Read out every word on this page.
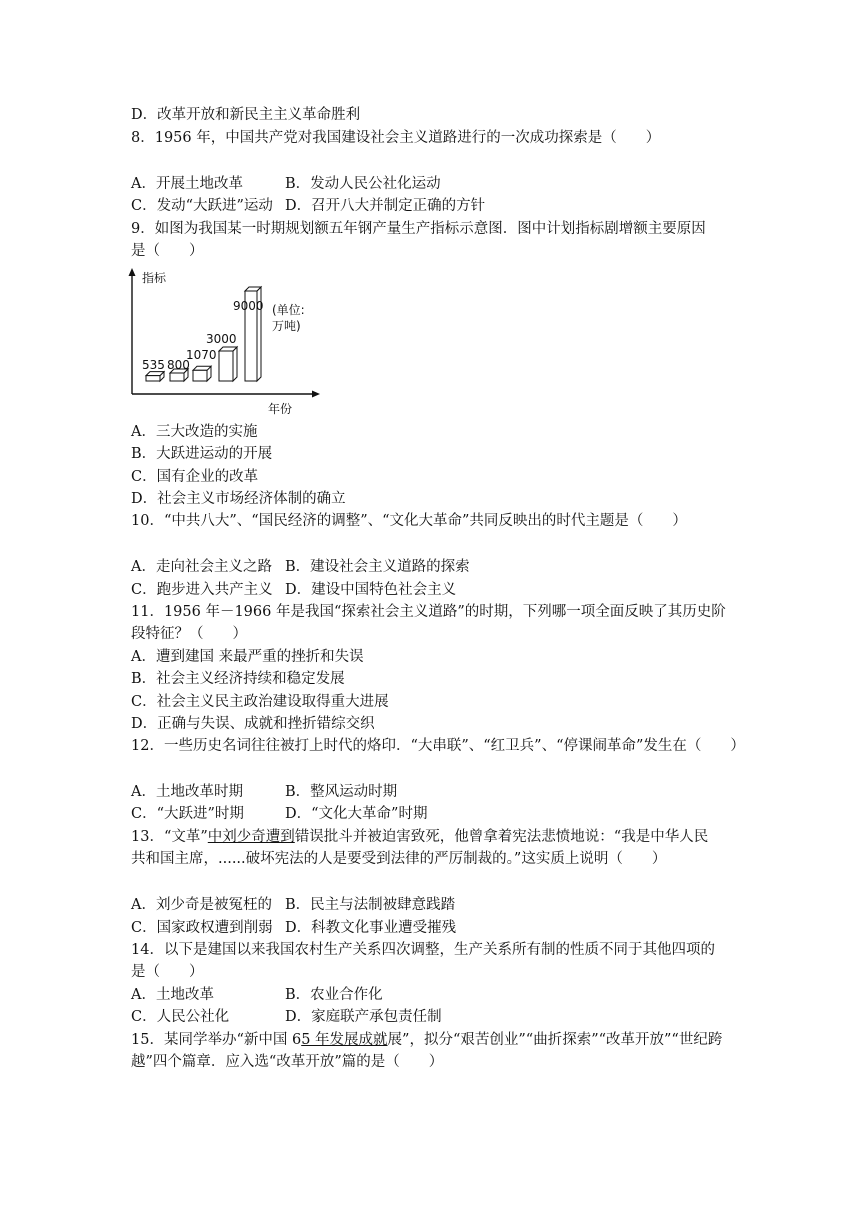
D．改革开放和新民主主义革命胜利
8．1956 年，中国共产党对我国建设社会主义道路进行的一次成功探索是（　　）
A．开展土地改革	B．发动人民公社化运动
C．发动“大跃进”运动 D．召开八大并制定正确的方针
9．如图为我国某一时期规划额五年钢产量生产指标示意图．图中计划指标剧增额主要原因
是（　　）
指标
年份
(单位:
万吨)
535 800
1070
3000
9000
A．三大改造的实施
B．大跃进运动的开展
C．国有企业的改革
D．社会主义市场经济体制的确立
10．“中共八大”、“国民经济的调整”、“文化大革命”共同反映出的时代主题是（　　）
A．走向社会主义之路 B．建设社会主义道路的探索
C．跑步进入共产主义 D．建设中国特色社会主义
11．1956 年－1966 年是我国“探索社会主义道路”的时期，下列哪一项全面反映了其历史阶
段特征？（　　）
A．遭到建国 来最严重的挫折和失误
B．社会主义经济持续和稳定发展
C．社会主义民主政治建设取得重大进展
D．正确与失误、成就和挫折错综交织
12．一些历史名词往往被打上时代的烙印．“大串联”、“红卫兵”、“停课闹革命”发生在（　　）
A．土地改革时期	B．整风运动时期
C．“大跃进”时期	D．“文化大革命”时期
13．“文革”中刘少奇遭到错误批斗并被迫害致死，他曾拿着宪法悲愤地说：“我是中华人民
共和国主席，......破坏宪法的人是要受到法律的严厉制裁的。”这实质上说明（　　）
A．刘少奇是被冤枉的 B．民主与法制被肆意践踏
C．国家政权遭到削弱 D．科教文化事业遭受摧残
14．以下是建国以来我国农村生产关系四次调整，生产关系所有制的性质不同于其他四项的
是（　　）
A．土地改革	B．农业合作化
C．人民公社化	D．家庭联产承包责任制
15．某同学举办“新中国 65 年发展成就展”，拟分“艰苦创业”“曲折探索”“改革开放”“世纪跨
越”四个篇章．应入选“改革开放”篇的是（　　）
